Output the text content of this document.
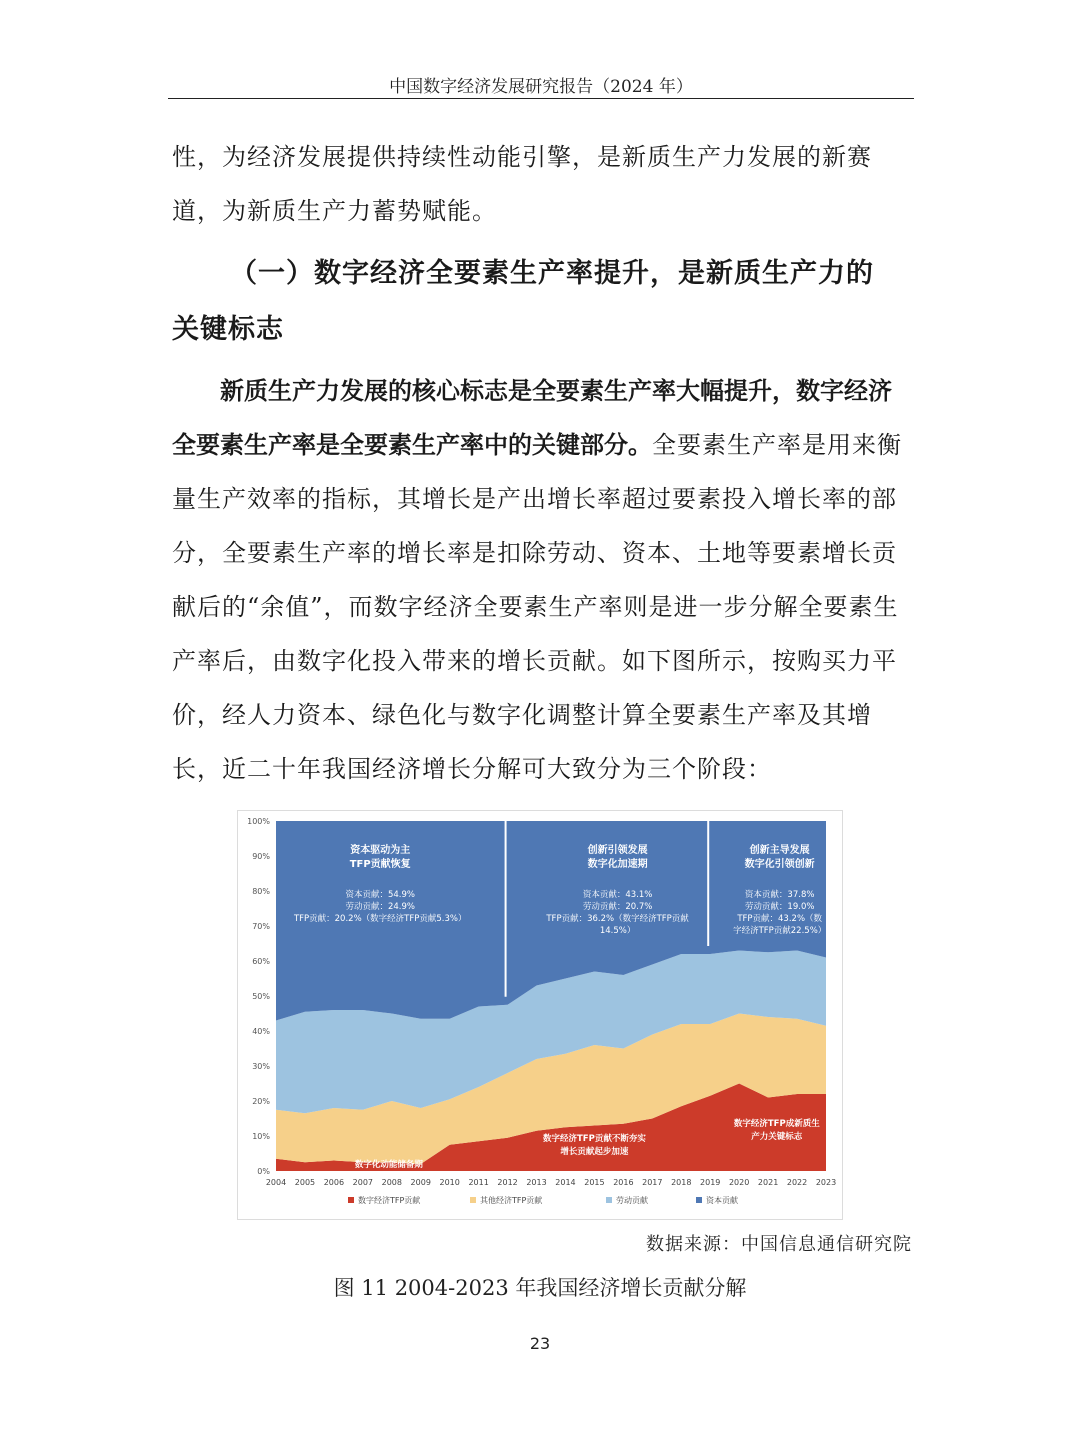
中国数字经济发展研究报告（2024 年）
性，为经济发展提供持续性动能引擎，是新质生产力发展的新赛道，为新质生产力蓄势赋能。
（一）数字经济全要素生产率提升，是新质生产力的
关键标志
新质生产力发展的核心标志是全要素生产率大幅提升，数字经济全要素生产率是全要素生产率中的关键部分。全要素生产率是用来衡量生产效率的指标，其增长是产出增长率超过要素投入增长率的部分，全要素生产率的增长率是扣除劳动、资本、土地等要素增长贡献后的“余值”，而数字经济全要素生产率则是进一步分解全要素生产率后，由数字化投入带来的增长贡献。如下图所示，按购买力平价，经人力资本、绿色化与数字化调整计算全要素生产率及其增长，近二十年我国经济增长分解可大致分为三个阶段：
0%
10%
20%
30%
40%
50%
60%
70%
80%
90%
100%
2004 2005 2006 2007 2008 2009 2010 2011 2012 2013 2014 2015 2016 2017 2018 2019 2020 2021 2022 2023
资本驱动为主
TFP贡献恢复
资本贡献：54.9%
劳动贡献：24.9%
TFP贡献：20.2%（数字经济TFP贡献5.3%）
创新引领发展
数字化加速期
资本贡献：43.1%
劳动贡献：20.7%
TFP贡献：36.2%（数字经济TFP贡献
14.5%）
创新主导发展
数字化引领创新
资本贡献：37.8%
劳动贡献：19.0%
TFP贡献：43.2%（数
字经济TFP贡献22.5%）
数字化动能储备期
数字经济TFP贡献不断夯实
增长贡献起步加速
数字经济TFP成新质生
产力关键标志
数字经济TFP贡献	其他经济TFP贡献	劳动贡献	资本贡献
数据来源：中国信息通信研究院
图 11 2004-2023 年我国经济增长贡献分解
23
